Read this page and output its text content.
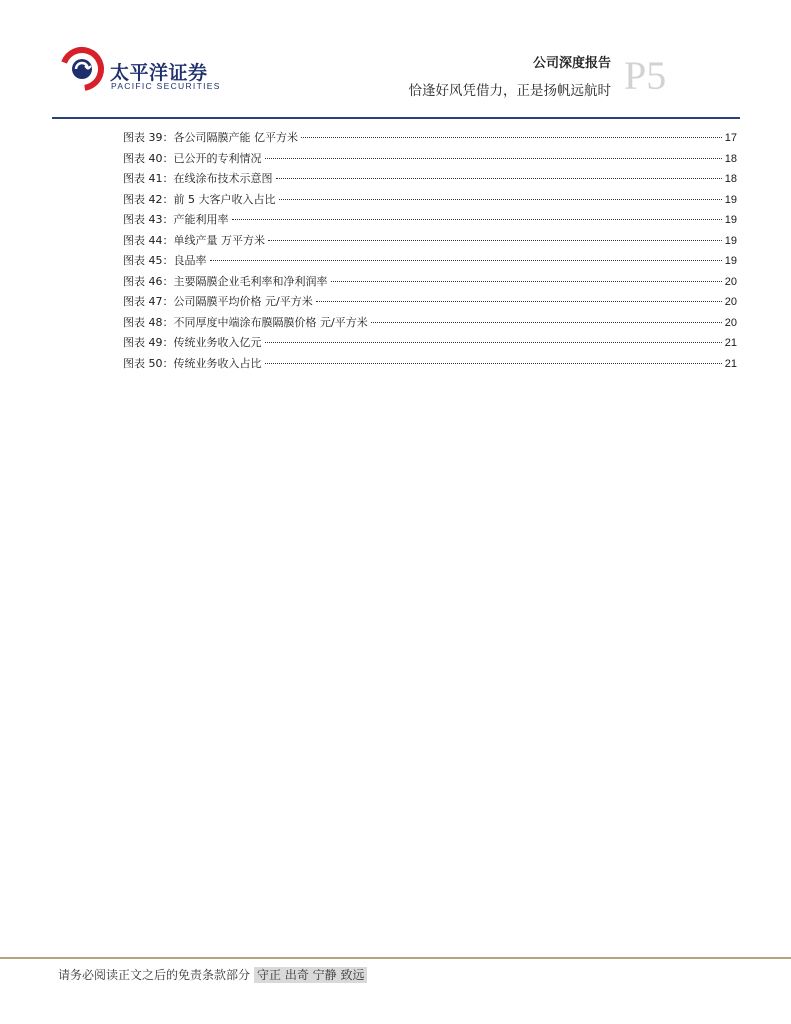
太平洋证券
PACIFIC SECURITIES
公司深度报告
恰逢好风凭借力，正是扬帆远航时 P5
图表 39：各公司隔膜产能 亿平方米	17
图表 40：已公开的专利情况	18
图表 41：在线涂布技术示意图	18
图表 42：前 5 大客户收入占比	19
图表 43：产能利用率	19
图表 44：单线产量 万平方米	19
图表 45：良品率	19
图表 46：主要隔膜企业毛利率和净利润率	20
图表 47：公司隔膜平均价格 元/平方米	20
图表 48：不同厚度中端涂布膜隔膜价格 元/平方米	20
图表 49：传统业务收入亿元	21
图表 50：传统业务收入占比	21
请务必阅读正文之后的免责条款部分 守正 出奇 宁静 致远
